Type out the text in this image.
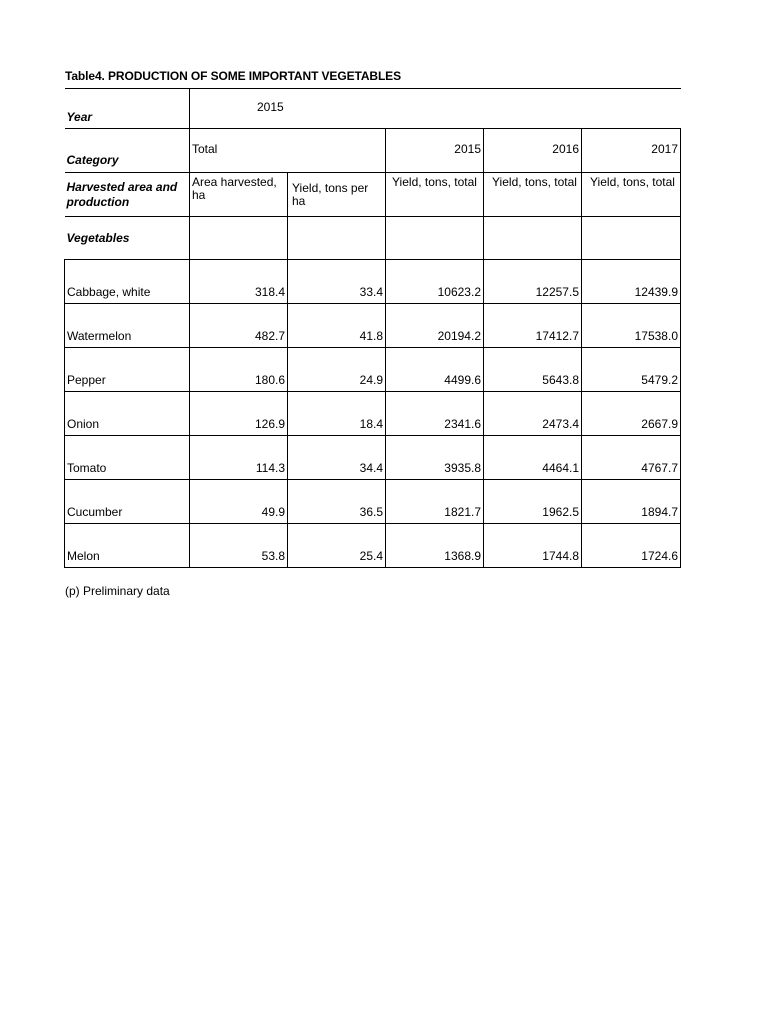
Table4. PRODUCTION OF SOME IMPORTANT VEGETABLES
Year	2015				
Category	Total		2015	2016	2017
Harvested area and production	Area harvested, ha	Yield, tons per ha	Yield, tons, total	Yield, tons, total	Yield, tons, total
Vegetables					
Cabbage, white	318.4	33.4	10623.2	12257.5	12439.9
Watermelon	482.7	41.8	20194.2	17412.7	17538.0
Pepper	180.6	24.9	4499.6	5643.8	5479.2
Onion	126.9	18.4	2341.6	2473.4	2667.9
Tomato	114.3	34.4	3935.8	4464.1	4767.7
Cucumber	49.9	36.5	1821.7	1962.5	1894.7
Melon	53.8	25.4	1368.9	1744.8	1724.6
(p) Preliminary data
